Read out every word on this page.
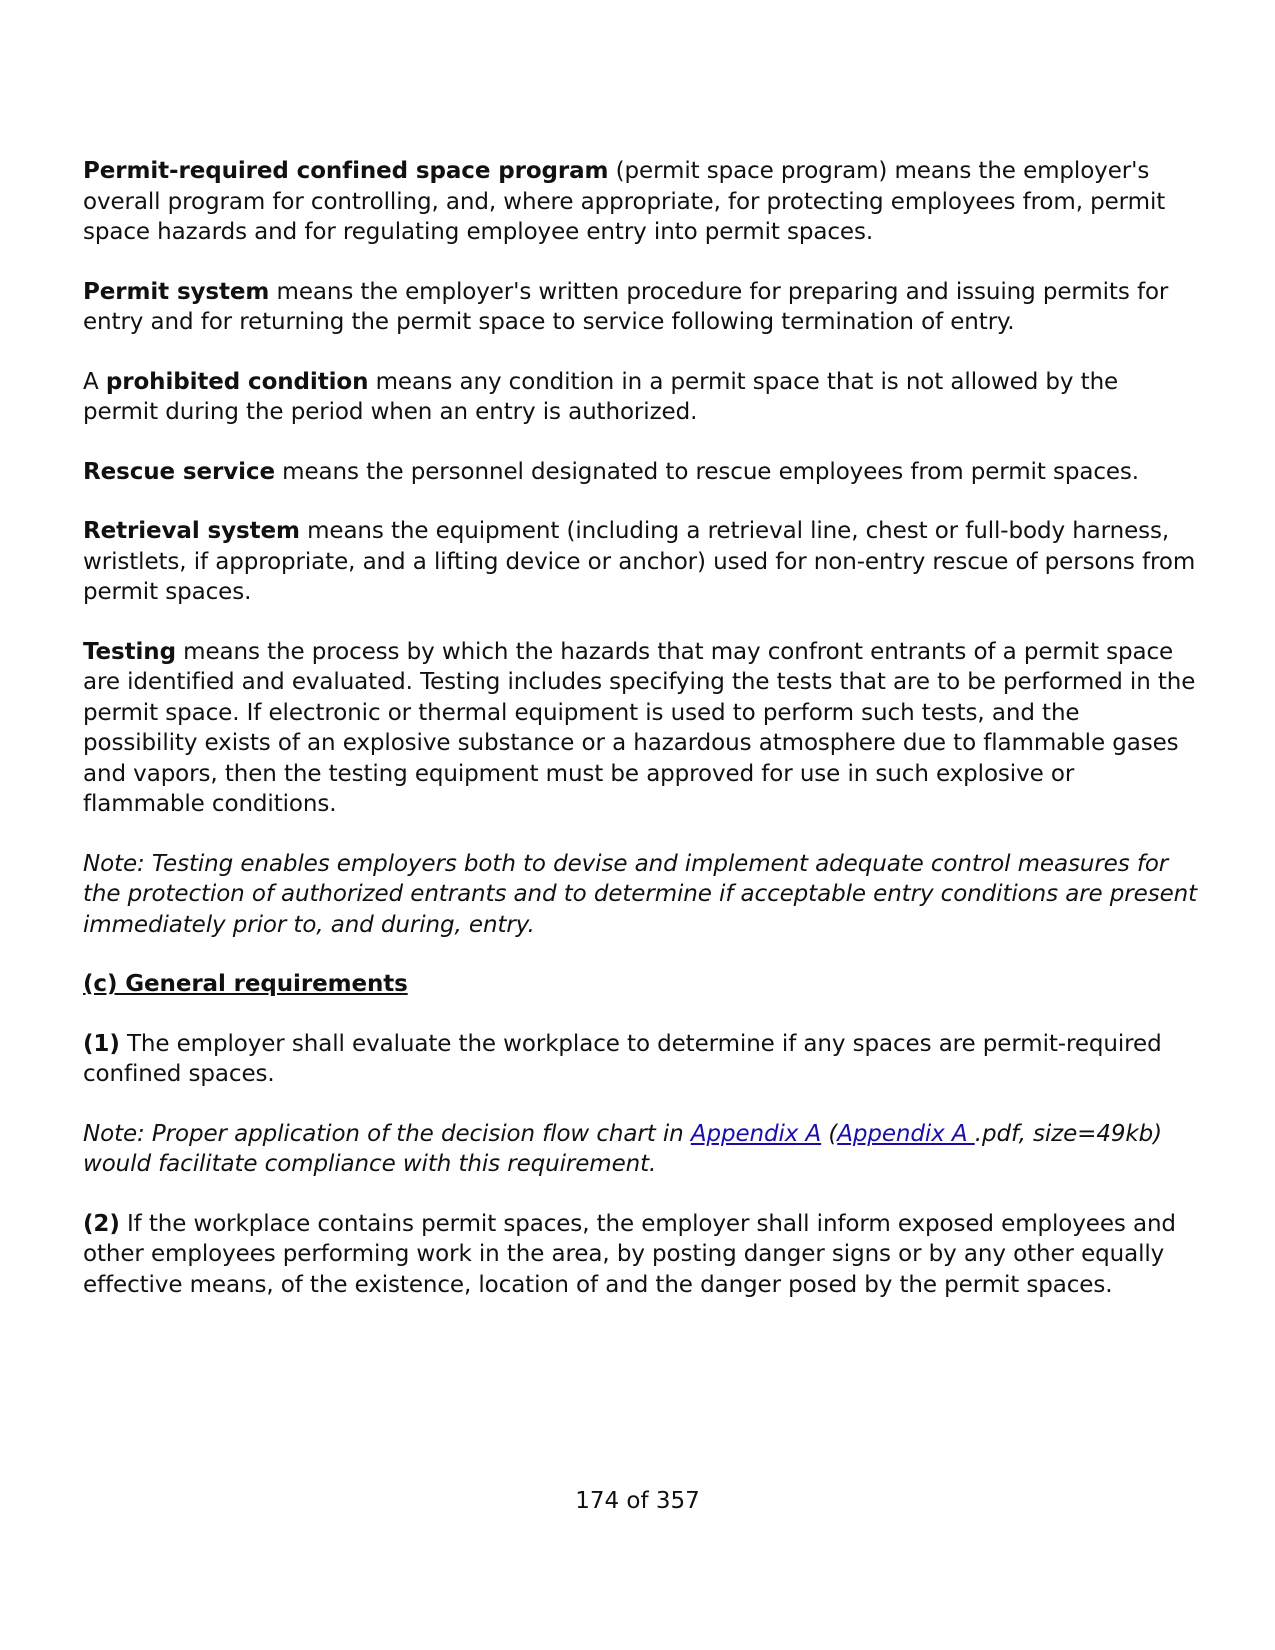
Permit-required confined space program (permit space program) means the employer's overall program for controlling, and, where appropriate, for protecting employees from, permit space hazards and for regulating employee entry into permit spaces.

Permit system means the employer's written procedure for preparing and issuing permits for entry and for returning the permit space to service following termination of entry.

A prohibited condition means any condition in a permit space that is not allowed by the permit during the period when an entry is authorized.

Rescue service means the personnel designated to rescue employees from permit spaces.

Retrieval system means the equipment (including a retrieval line, chest or full-body harness, wristlets, if appropriate, and a lifting device or anchor) used for non-entry rescue of persons from permit spaces.

Testing means the process by which the hazards that may confront entrants of a permit space are identified and evaluated. Testing includes specifying the tests that are to be performed in the permit space. If electronic or thermal equipment is used to perform such tests, and the possibility exists of an explosive substance or a hazardous atmosphere due to flammable gases and vapors, then the testing equipment must be approved for use in such explosive or flammable conditions.

Note: Testing enables employers both to devise and implement adequate control measures for the protection of authorized entrants and to determine if acceptable entry conditions are present immediately prior to, and during, entry.

(c) General requirements

(1) The employer shall evaluate the workplace to determine if any spaces are permit-required confined spaces.

Note: Proper application of the decision flow chart in Appendix A (Appendix A .pdf, size=49kb) would facilitate compliance with this requirement.

(2) If the workplace contains permit spaces, the employer shall inform exposed employees and other employees performing work in the area, by posting danger signs or by any other equally effective means, of the existence, location of and the danger posed by the permit spaces.

174 of 357
